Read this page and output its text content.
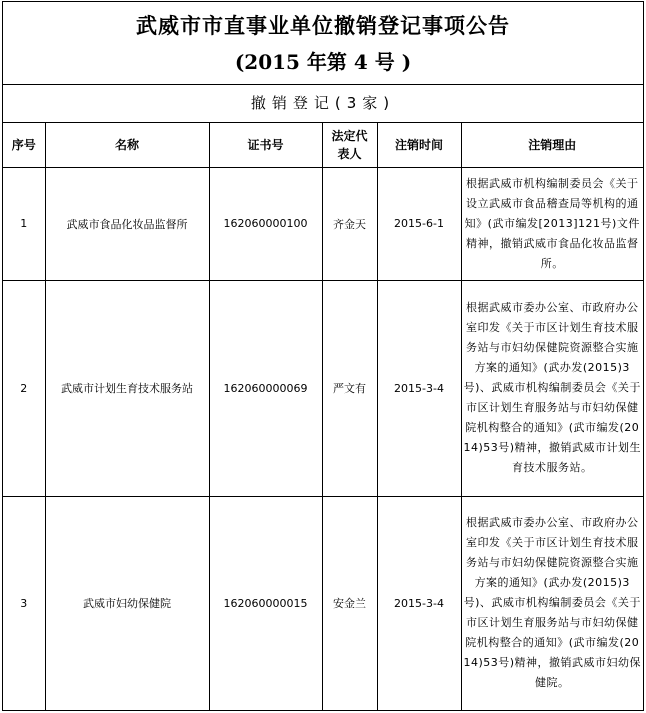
武威市市直事业单位撤销登记事项公告
(2015 年第 4 号 )
撤销登记(3家)
序号	名称	证书号	法定代表人	注销时间	注销理由
1	武威市食品化妆品监督所	162060000100	齐金天	2015-6-1	根据武威市机构编制委员会《关于设立武威市食品稽查局等机构的通知》(武市编发[2013]121号)文件精神，撤销武威市食品化妆品监督所。
2	武威市计划生育技术服务站	162060000069	严文有	2015-3-4	根据武威市委办公室、市政府办公室印发《关于市区计划生育技术服务站与市妇幼保健院资源整合实施方案的通知》(武办发(2015)3号)、武威市机构编制委员会《关于市区计划生育服务站与市妇幼保健院机构整合的通知》(武市编发(2014)53号)精神，撤销武威市计划生育技术服务站。
3	武威市妇幼保健院	162060000015	安金兰	2015-3-4	根据武威市委办公室、市政府办公室印发《关于市区计划生育技术服务站与市妇幼保健院资源整合实施方案的通知》(武办发(2015)3号)、武威市机构编制委员会《关于市区计划生育服务站与市妇幼保健院机构整合的通知》(武市编发(2014)53号)精神，撤销武威市妇幼保健院。
